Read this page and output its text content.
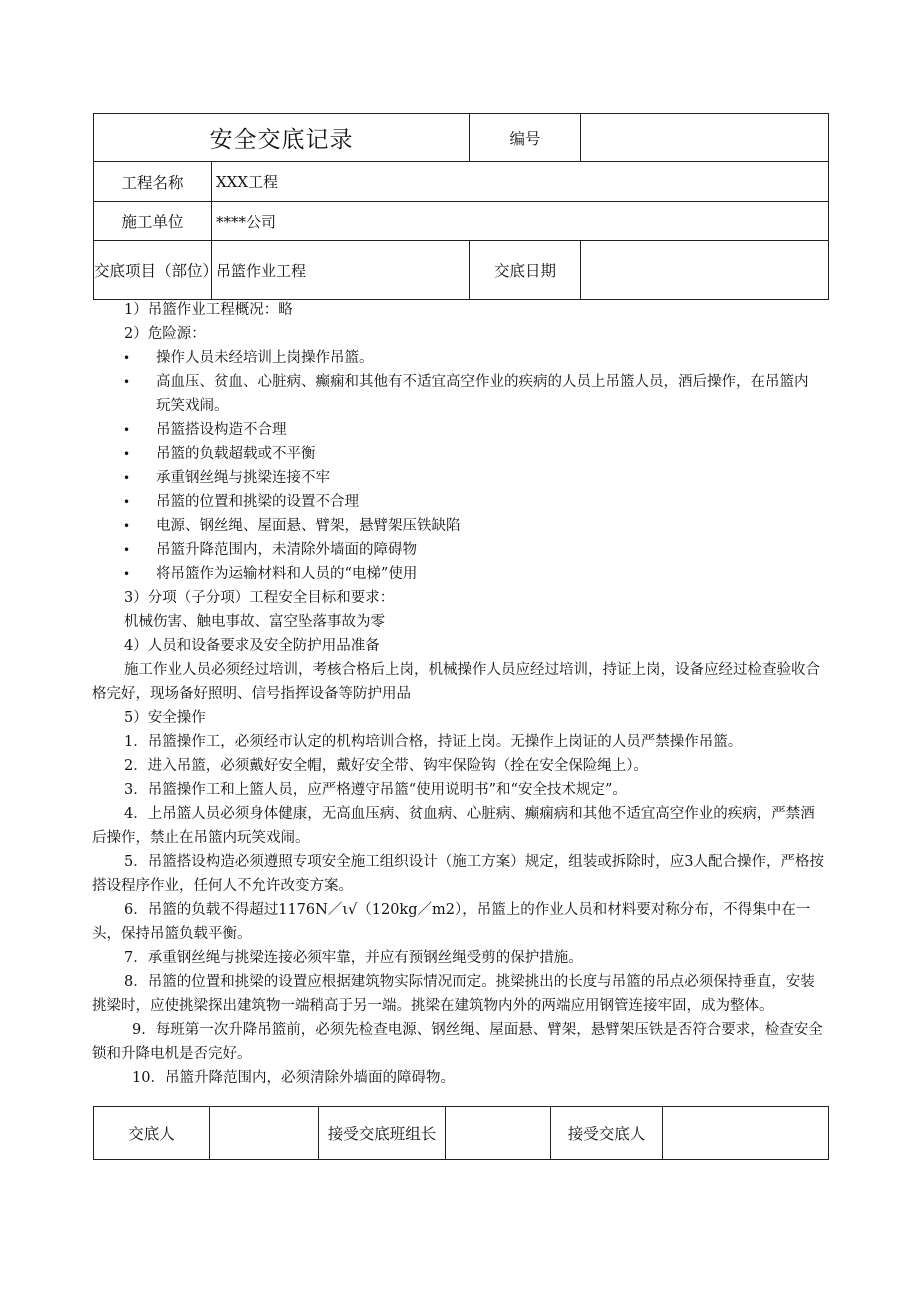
安全交底记录		编号	
工程名称	XXX工程		
施工单位	****公司		
交底项目（部位）	吊篮作业工程	交底日期	

1）吊篮作业工程概况：略

2）危险源：

• 操作人员未经培训上岗操作吊篮。
• 高血压、贫血、心脏病、癫痫和其他有不适宜高空作业的疾病的人员上吊篮人员，酒后操作，在吊篮内玩笑戏闹。
• 吊篮搭设构造不合理
• 吊篮的负载超载或不平衡
• 承重钢丝绳与挑梁连接不牢
• 吊篮的位置和挑梁的设置不合理
• 电源、钢丝绳、屋面悬、臂架，悬臂架压铁缺陷
• 吊篮升降范围内，未清除外墙面的障碍物
• 将吊篮作为运输材料和人员的“电梯”使用

3）分项（子分项）工程安全目标和要求：

机械伤害、触电事故、富空坠落事故为零

4）人员和设备要求及安全防护用品准备

施工作业人员必须经过培训，考核合格后上岗，机械操作人员应经过培训，持证上岗，设备应经过检查验收合格完好，现场备好照明、信号指挥设备等防护用品

5）安全操作

1．吊篮操作工，必须经市认定的机构培训合格，持证上岗。无操作上岗证的人员严禁操作吊篮。

2．进入吊篮，必须戴好安全帽，戴好安全带、钩牢保险钩（拴在安全保险绳上）。

3．吊篮操作工和上篮人员，应严格遵守吊篮“使用说明书”和“安全技术规定”。

4．上吊篮人员必须身体健康，无高血压病、贫血病、心脏病、癫痫病和其他不适宜高空作业的疾病，严禁酒后操作，禁止在吊篮内玩笑戏闹。

5．吊篮搭设构造必须遵照专项安全施工组织设计（施工方案）规定，组装或拆除时，应3人配合操作，严格按搭设程序作业，任何人不允许改变方案。

6．吊篮的负载不得超过1176N／ι√（120kg／m2），吊篮上的作业人员和材料要对称分布，不得集中在一头，保持吊篮负载平衡。

7．承重钢丝绳与挑梁连接必须牢靠，并应有预钢丝绳受剪的保护措施。

8．吊篮的位置和挑梁的设置应根据建筑物实际情况而定。挑梁挑出的长度与吊篮的吊点必须保持垂直，安装挑梁时，应使挑梁探出建筑物一端稍高于另一端。挑梁在建筑物内外的两端应用钢管连接牢固，成为整体。

9．每班第一次升降吊篮前，必须先检查电源、钢丝绳、屋面悬、臂架，悬臂架压铁是否符合要求，检查安全锁和升降电机是否完好。

10．吊篮升降范围内，必须清除外墙面的障碍物。

交底人		接受交底班组长		接受交底人	
